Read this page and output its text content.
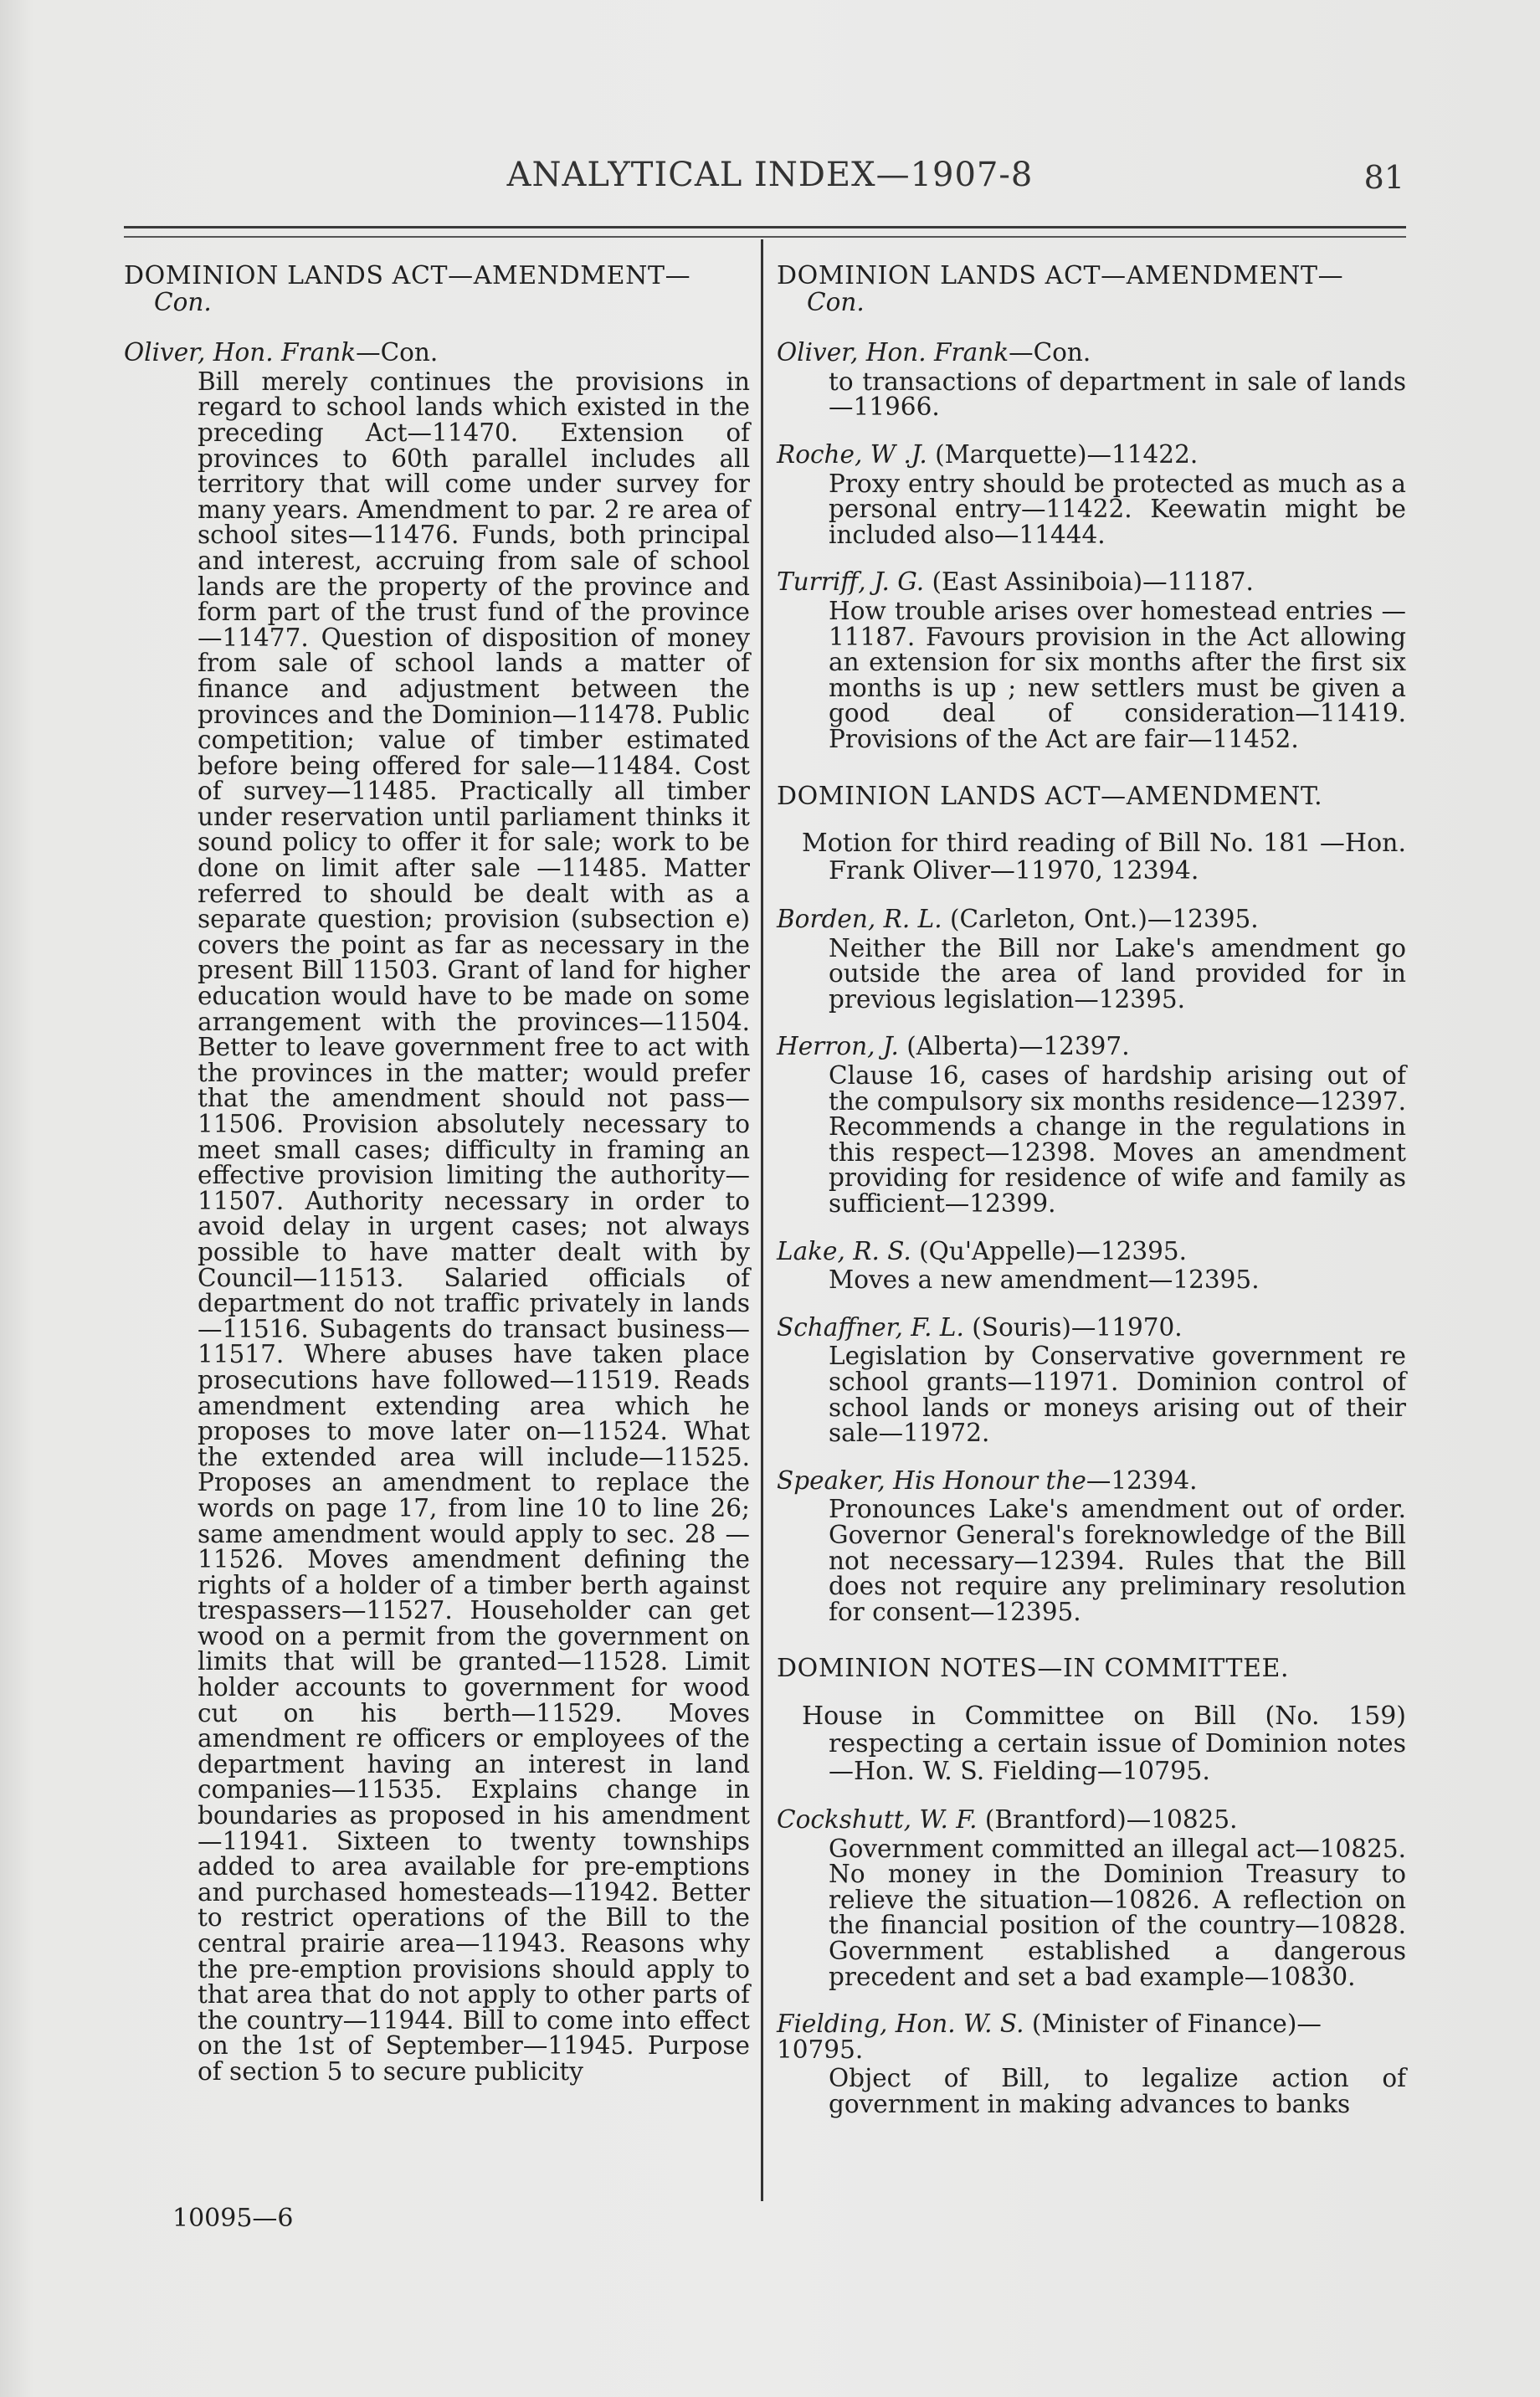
ANALYTICAL INDEX—1907-8	81
DOMINION LANDS ACT—AMENDMENT—
Con.
Oliver, Hon. Frank—Con.
Bill merely continues the provisions in regard to school lands which existed in the preceding Act—11470. Extension of provinces to 60th parallel includes all territory that will come under survey for many years. Amendment to par. 2 re area of school sites—11476. Funds, both principal and interest, accruing from sale of school lands are the property of the province and form part of the trust fund of the province—11477. Question of disposition of money from sale of school lands a matter of finance and adjustment between the provinces and the Dominion—11478. Public competition; value of timber estimated before being offered for sale—11484. Cost of survey—11485. Practically all timber under reservation until parliament thinks it sound policy to offer it for sale; work to be done on limit after sale —11485. Matter referred to should be dealt with as a separate question; provision (subsection e) covers the point as far as necessary in the present Bill 11503. Grant of land for higher education would have to be made on some arrangement with the provinces—11504. Better to leave government free to act with the provinces in the matter; would prefer that the amendment should not pass—11506. Provision absolutely necessary to meet small cases; difficulty in framing an effective provision limiting the authority—11507. Authority necessary in order to avoid delay in urgent cases; not always possible to have matter dealt with by Council—11513. Salaried officials of department do not traffic privately in lands—11516. Subagents do transact business—11517. Where abuses have taken place prosecutions have followed—11519. Reads amendment extending area which he proposes to move later on—11524. What the extended area will include—11525. Proposes an amendment to replace the words on page 17, from line 10 to line 26; same amendment would apply to sec. 28 —11526. Moves amendment defining the rights of a holder of a timber berth against trespassers—11527. Householder can get wood on a permit from the government on limits that will be granted—11528. Limit holder accounts to government for wood cut on his berth—11529. Moves amendment re officers or employees of the department having an interest in land companies—11535. Explains change in boundaries as proposed in his amendment—11941. Sixteen to twenty townships added to area available for pre-emptions and purchased homesteads—11942. Better to restrict operations of the Bill to the central prairie area—11943. Reasons why the pre-emption provisions should apply to that area that do not apply to other parts of the country—11944. Bill to come into effect on the 1st of September—11945. Purpose of section 5 to secure publicity
10095—6
DOMINION LANDS ACT—AMENDMENT—
Con.
Oliver, Hon. Frank—Con.
to transactions of department in sale of lands—11966.
Roche, W .J. (Marquette)—11422.
Proxy entry should be protected as much as a personal entry—11422. Keewatin might be included also—11444.
Turriff, J. G. (East Assiniboia)—11187.
How trouble arises over homestead entries —11187. Favours provision in the Act allowing an extension for six months after the first six months is up ; new settlers must be given a good deal of consideration—11419. Provisions of the Act are fair—11452.
DOMINION LANDS ACT—AMENDMENT.
Motion for third reading of Bill No. 181 —Hon. Frank Oliver—11970, 12394.
Borden, R. L. (Carleton, Ont.)—12395.
Neither the Bill nor Lake's amendment go outside the area of land provided for in previous legislation—12395.
Herron, J. (Alberta)—12397.
Clause 16, cases of hardship arising out of the compulsory six months residence—12397. Recommends a change in the regulations in this respect—12398. Moves an amendment providing for residence of wife and family as sufficient—12399.
Lake, R. S. (Qu'Appelle)—12395.
Moves a new amendment—12395.
Schaffner, F. L. (Souris)—11970.
Legislation by Conservative government re school grants—11971. Dominion control of school lands or moneys arising out of their sale—11972.
Speaker, His Honour the—12394.
Pronounces Lake's amendment out of order. Governor General's foreknowledge of the Bill not necessary—12394. Rules that the Bill does not require any preliminary resolution for consent—12395.
DOMINION NOTES—IN COMMITTEE.
House in Committee on Bill (No. 159) respecting a certain issue of Dominion notes —Hon. W. S. Fielding—10795.
Cockshutt, W. F. (Brantford)—10825.
Government committed an illegal act—10825. No money in the Dominion Treasury to relieve the situation—10826. A reflection on the financial position of the country—10828. Government established a dangerous precedent and set a bad example—10830.
Fielding, Hon. W. S. (Minister of Finance)—10795.
Object of Bill, to legalize action of government in making advances to banks
